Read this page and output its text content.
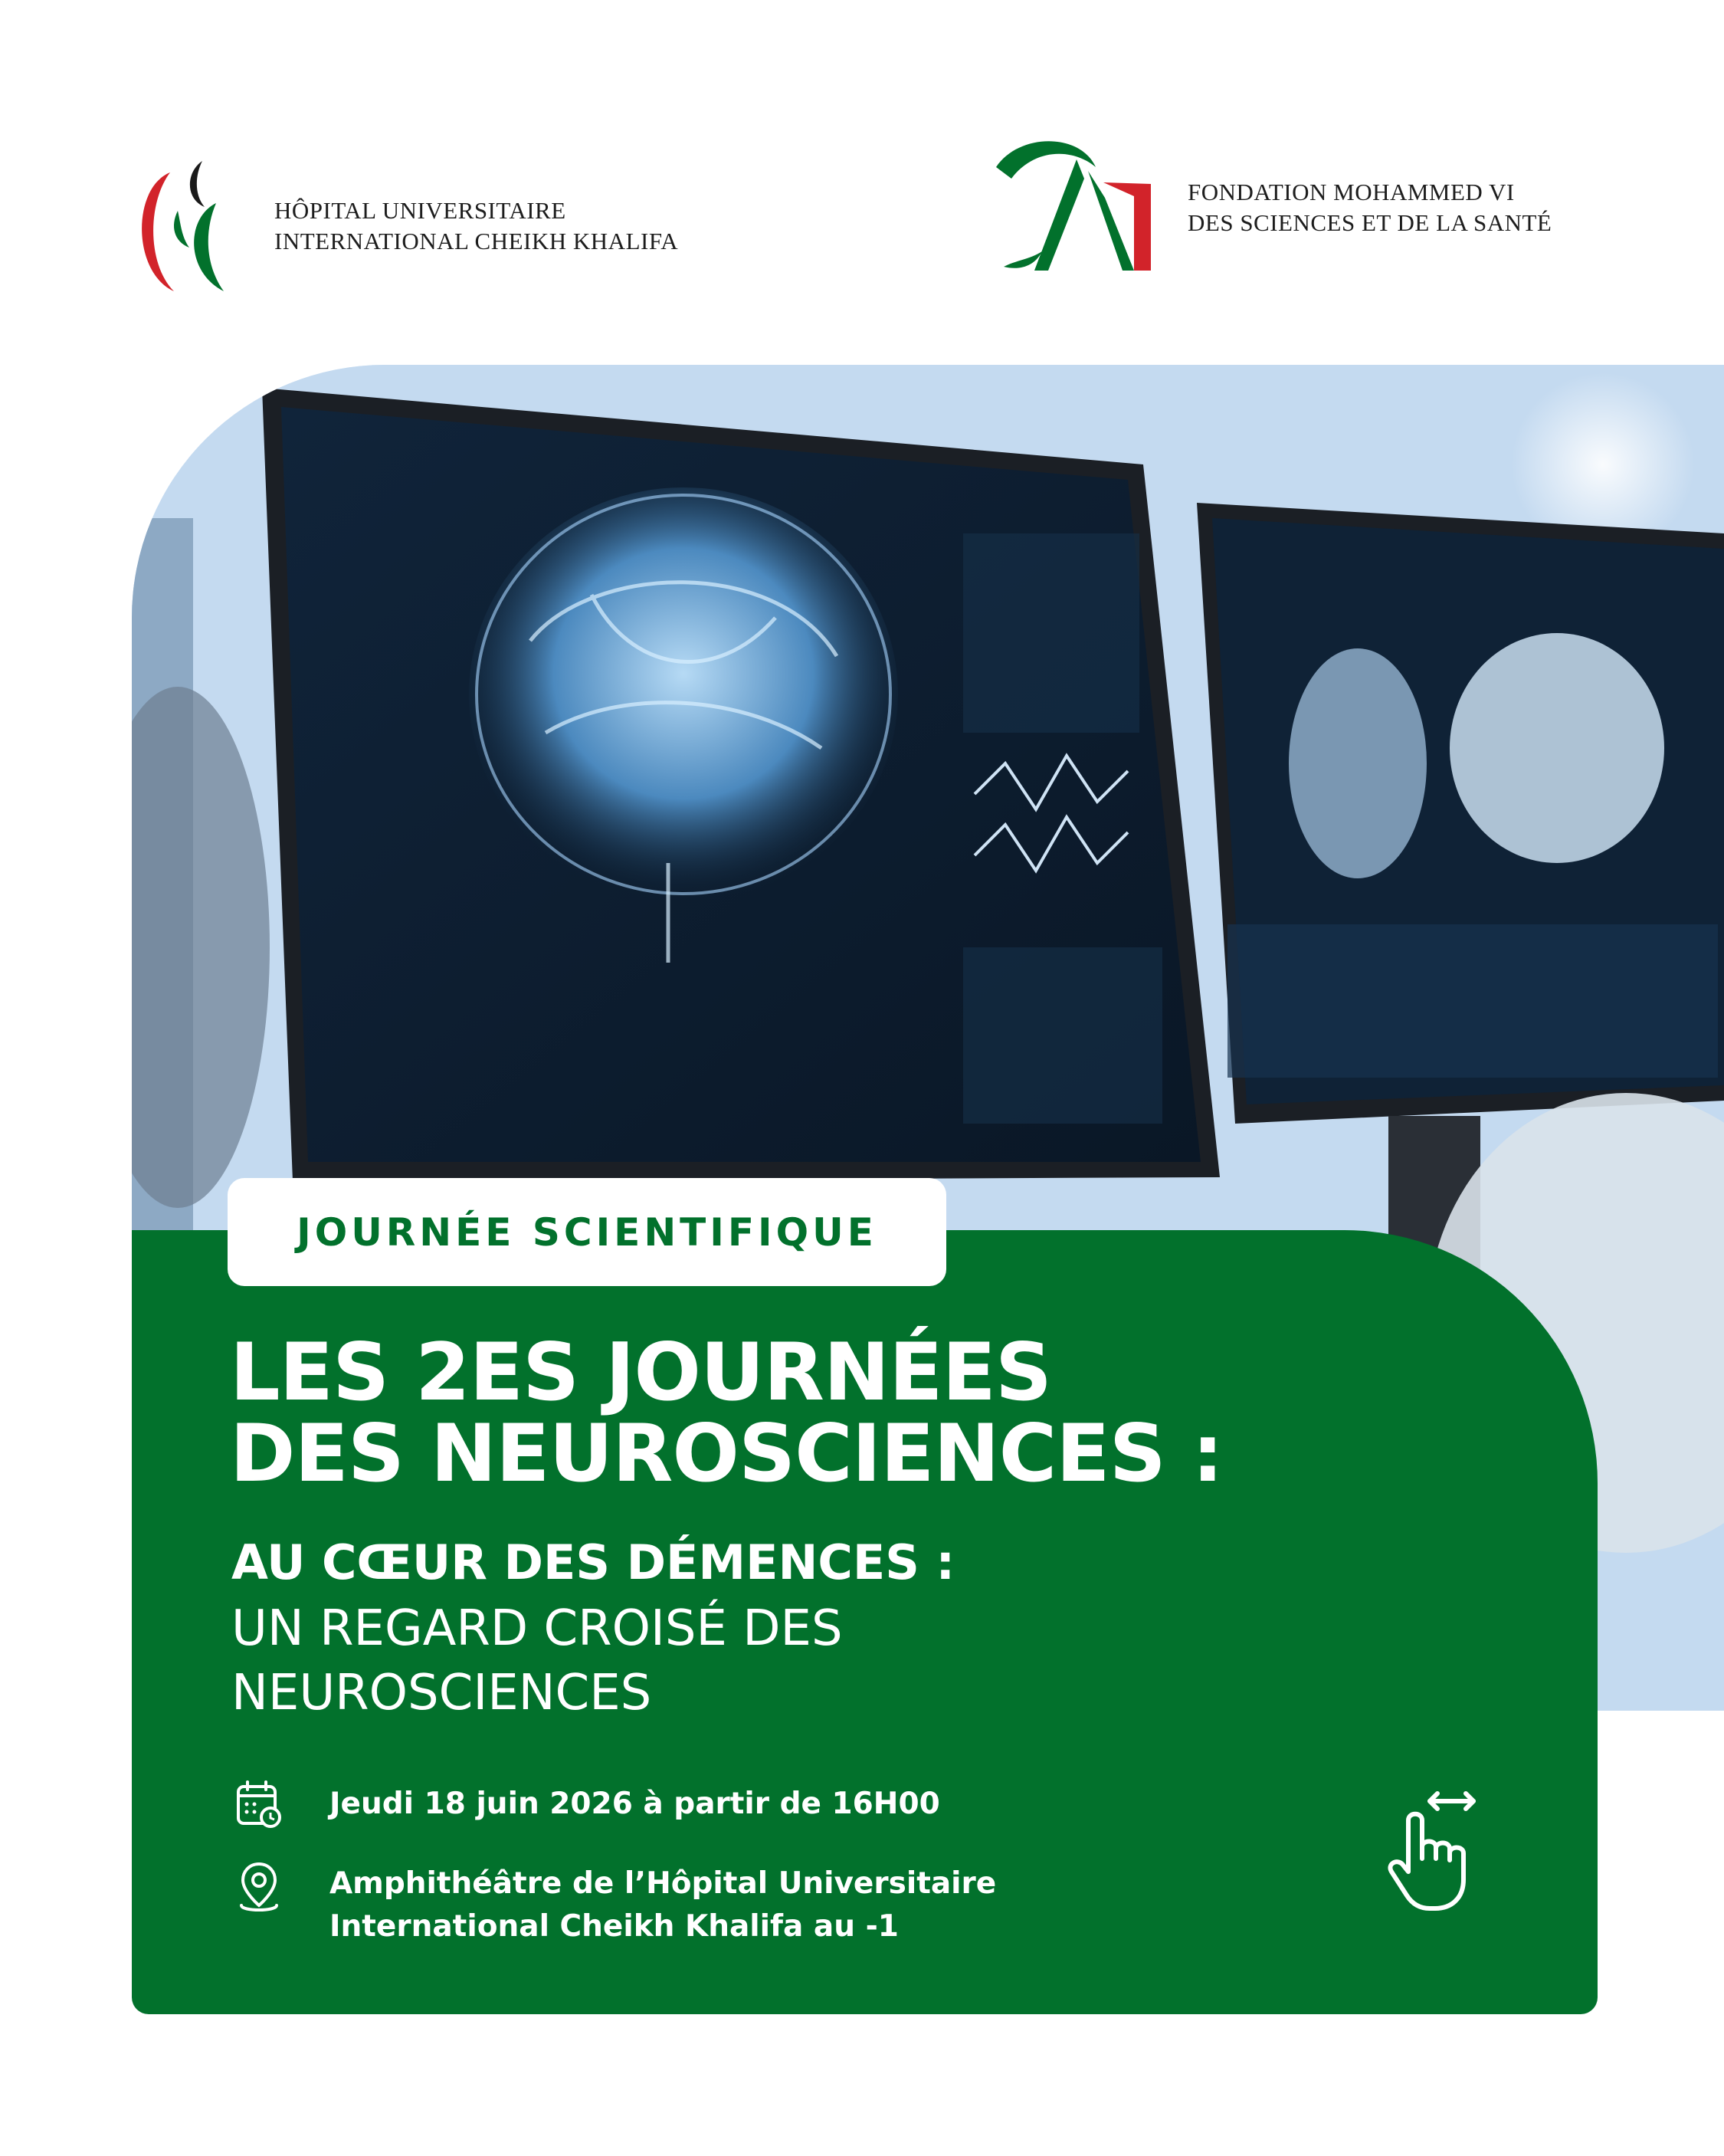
HÔPITAL UNIVERSITAIRE
INTERNATIONAL CHEIKH KHALIFA
FONDATION MOHAMMED VI
DES SCIENCES ET DE LA SANTÉ
JOURNÉE SCIENTIFIQUE
LES 2ES JOURNÉES
DES NEUROSCIENCES :
AU CŒUR DES DÉMENCES :
UN REGARD CROISÉ DES
NEUROSCIENCES
Jeudi 18 juin 2026 à partir de 16H00
Amphithéâtre de l’Hôpital Universitaire
International Cheikh Khalifa au -1
